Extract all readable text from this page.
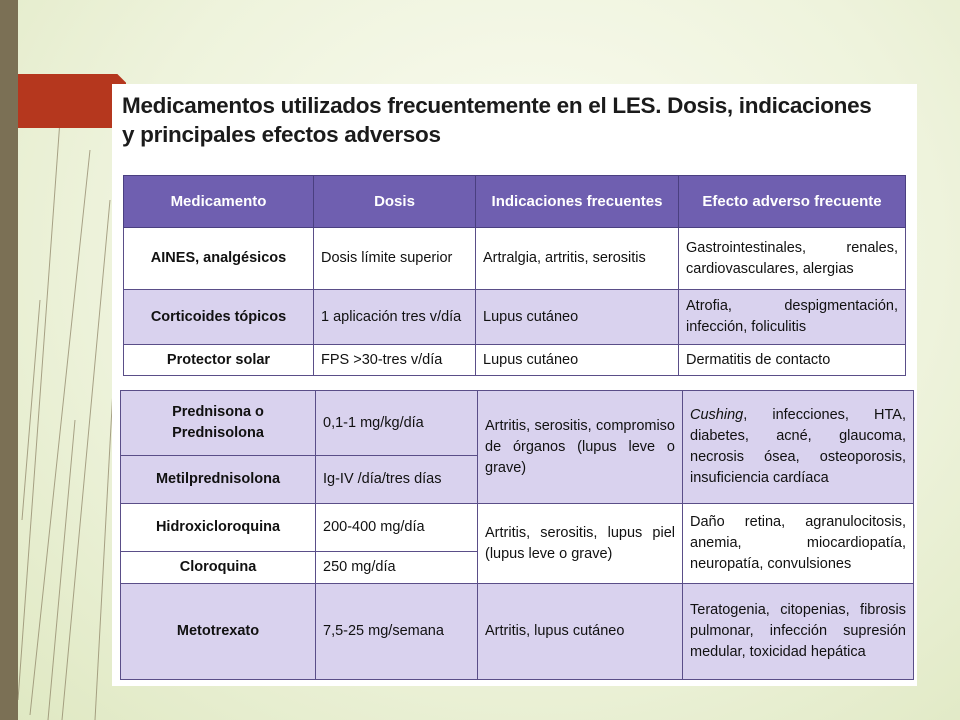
Medicamentos utilizados frecuentemente en el LES. Dosis, indicaciones
y principales efectos adversos
Medicamento	Dosis	Indicaciones frecuentes	Efecto adverso frecuente
AINES, analgésicos	Dosis límite superior	Artralgia, artritis, serositis	Gastrointestinales, renales, cardiovasculares, alergias
Corticoides tópicos	1 aplicación tres v/día	Lupus cutáneo	Atrofia, despigmentación, infección, foliculitis
Protector solar	FPS >30-tres v/día	Lupus cutáneo	Dermatitis de contacto
Prednisona o Prednisolona	0,1-1 mg/kg/día	Artritis, serositis, compromiso de órganos (lupus leve o grave)	Cushing, infecciones, HTA, diabetes, acné, glaucoma, necrosis ósea, osteoporosis, insuficiencia cardíaca
Metilprednisolona	Ig-IV /día/tres días		
Hidroxicloroquina	200-400 mg/día	Artritis, serositis, lupus piel (lupus leve o grave)	Daño retina, agranulocitosis, anemia, miocardiopatía, neuropatía, convulsiones
Cloroquina	250 mg/día		
Metotrexato	7,5-25 mg/semana	Artritis, lupus cutáneo	Teratogenia, citopenias, fibrosis pulmonar, infección supresión medular, toxicidad hepática
